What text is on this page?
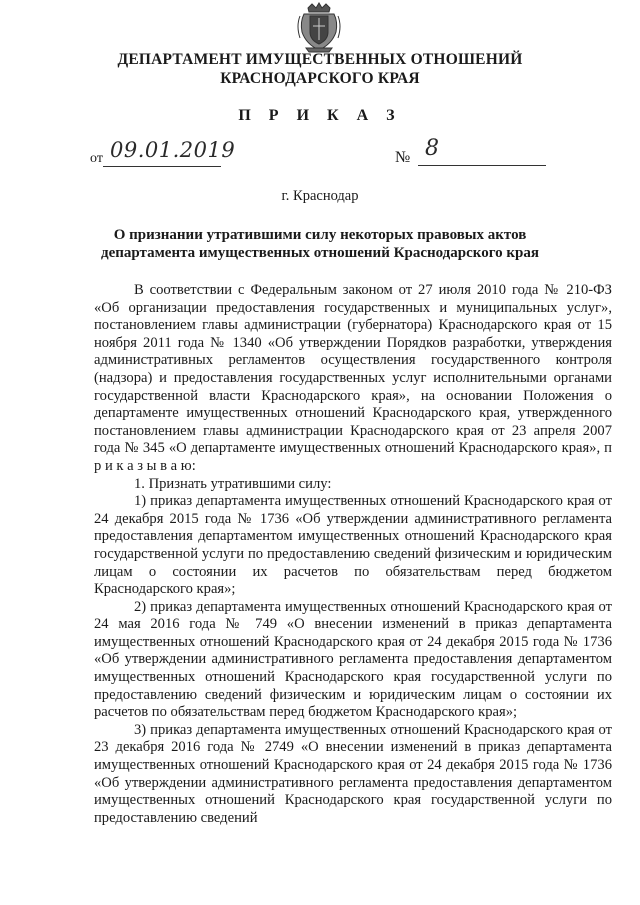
ДЕПАРТАМЕНТ ИМУЩЕСТВЕННЫХ ОТНОШЕНИЙ
КРАСНОДАРСКОГО КРАЯ
П Р И К А З
от 09.01.2019	№ 8
г. Краснодар
О признании утратившими силу некоторых правовых актов
департамента имущественных отношений Краснодарского края

В соответствии с Федеральным законом от 27 июля 2010 года № 210-ФЗ «Об организации предоставления государственных и муниципальных услуг», постановлением главы администрации (губернатора) Краснодарского края от 15 ноября 2011 года № 1340 «Об утверждении Порядков разработки, утверждения административных регламентов осуществления государственного контроля (надзора) и предоставления государственных услуг исполнительными органами государственной власти Краснодарского края», на основании Положения о департаменте имущественных отношений Краснодарского края, утвержденного постановлением главы администрации Краснодарского края от 23 апреля 2007 года № 345 «О департаменте имущественных отношений Краснодарского края», п р и к а з ы в а ю:

1. Признать утратившими силу:

1) приказ департамента имущественных отношений Краснодарского края от 24 декабря 2015 года № 1736 «Об утверждении административного регламента предоставления департаментом имущественных отношений Краснодарского края государственной услуги по предоставлению сведений физическим и юридическим лицам о состоянии их расчетов по обязательствам перед бюджетом Краснодарского края»;

2) приказ департамента имущественных отношений Краснодарского края от 24 мая 2016 года № 749 «О внесении изменений в приказ департамента имущественных отношений Краснодарского края от 24 декабря 2015 года № 1736 «Об утверждении административного регламента предоставления департаментом имущественных отношений Краснодарского края государственной услуги по предоставлению сведений физическим и юридическим лицам о состоянии их расчетов по обязательствам перед бюджетом Краснодарского края»;

3) приказ департамента имущественных отношений Краснодарского края от 23 декабря 2016 года № 2749 «О внесении изменений в приказ департамента имущественных отношений Краснодарского края от 24 декабря 2015 года № 1736 «Об утверждении административного регламента предоставления департаментом имущественных отношений Краснодарского края государственной услуги по предоставлению сведений
